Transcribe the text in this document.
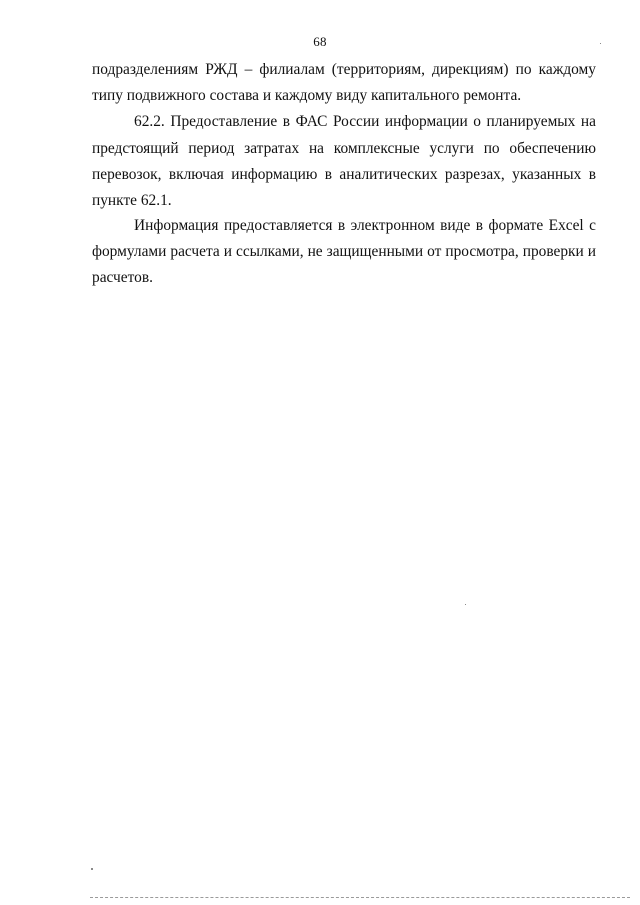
68
подразделениям РЖД – филиалам (территориям, дирекциям) по каждому
типу подвижного состава и каждому виду капитального ремонта.
62.2. Предоставление в ФАС России информации о планируемых на
предстоящий период затратах на комплексные услуги по обеспечению
перевозок, включая информацию в аналитических разрезах, указанных в
пункте 62.1.
Информация предоставляется в электронном виде в формате Excel с
формулами расчета и ссылками, не защищенными от просмотра, проверки и
расчетов.
